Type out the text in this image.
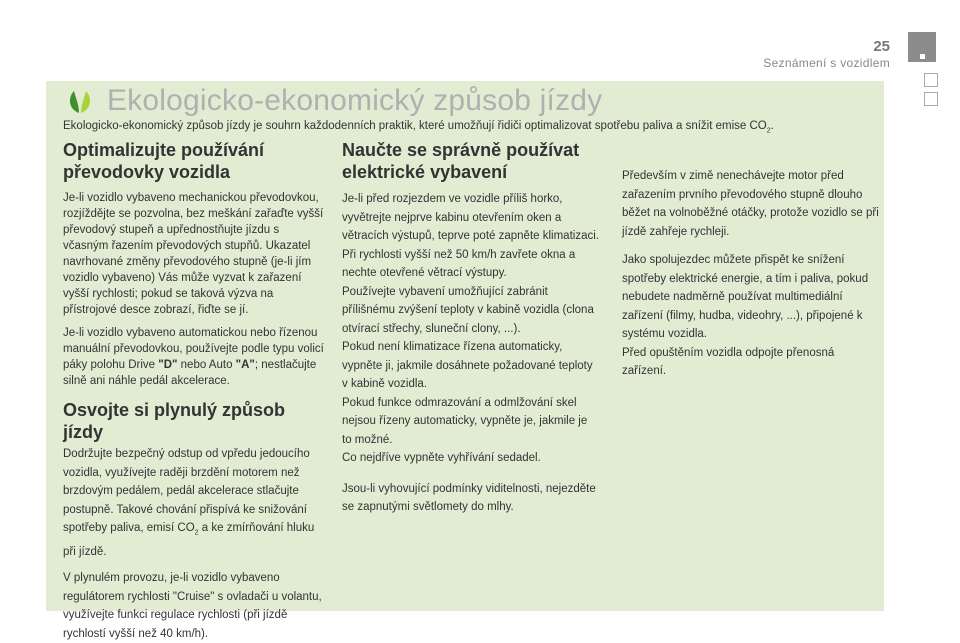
25
Seznámení s vozidlem
Ekologicko-ekonomický způsob jízdy
Ekologicko-ekonomický způsob jízdy je souhrn každodenních praktik, které umožňují řidiči optimalizovat spotřebu paliva a snížit emise $CO_2$.
Optimalizujte používání převodovky vozidla

Je-li vozidlo vybaveno mechanickou převodovkou, rozjíždějte se pozvolna, bez meškání zařaďte vyšší převodový stupeň a upřednostňujte jízdu s včasným řazením převodových stupňů. Ukazatel navrhované změny převodového stupně (je-li jím vozidlo vybaveno) Vás může vyzvat k zařazení vyšší rychlosti; pokud se taková výzva na přístrojové desce zobrazí, řiďte se jí.

Je-li vozidlo vybaveno automatickou nebo řízenou manuální převodovkou, používejte podle typu volicí páky polohu Drive "D" nebo Auto "A"; nestlačujte silně ani náhle pedál akcelerace.

Osvojte si plynulý způsob jízdy

Dodržujte bezpečný odstup od vpředu jedoucího vozidla, využívejte raději brzdění motorem než brzdovým pedálem, pedál akcelerace stlačujte postupně. Takové chování přispívá ke snižování spotřeby paliva, emisí $CO_2$ a ke zmírňování hluku při jízdě.

V plynulém provozu, je-li vozidlo vybaveno regulátorem rychlosti "Cruise" s ovladači u volantu, využívejte funkci regulace rychlosti (při jízdě rychlostí vyšší než 40 km/h).

Naučte se správně používat elektrické vybavení

Je-li před rozjezdem ve vozidle příliš horko, vyvětrejte nejprve kabinu otevřením oken a větracích výstupů, teprve poté zapněte klimatizaci.

Při rychlosti vyšší než 50 km/h zavřete okna a nechte otevřené větrací výstupy.

Používejte vybavení umožňující zabránit přílišnému zvýšení teploty v kabině vozidla (clona otvírací střechy, sluneční clony, ...).

Pokud není klimatizace řízena automaticky, vypněte ji, jakmile dosáhnete požadované teploty v kabině vozidla.

Pokud funkce odmrazování a odmlžování skel nejsou řízeny automaticky, vypněte je, jakmile je to možné.

Co nejdříve vypněte vyhřívání sedadel.

Jsou-li vyhovující podmínky viditelnosti, nejezděte se zapnutými světlomety do mlhy.

Především v zimě nenechávejte motor před zařazením prvního převodového stupně dlouho běžet na volnoběžné otáčky, protože vozidlo se při jízdě zahřeje rychleji.

Jako spolujezdec můžete přispět ke snížení spotřeby elektrické energie, a tím i paliva, pokud nebudete nadměrně používat multimediální zařízení (filmy, hudba, videohry, ...), připojené k systému vozidla.

Před opuštěním vozidla odpojte přenosná zařízení.
